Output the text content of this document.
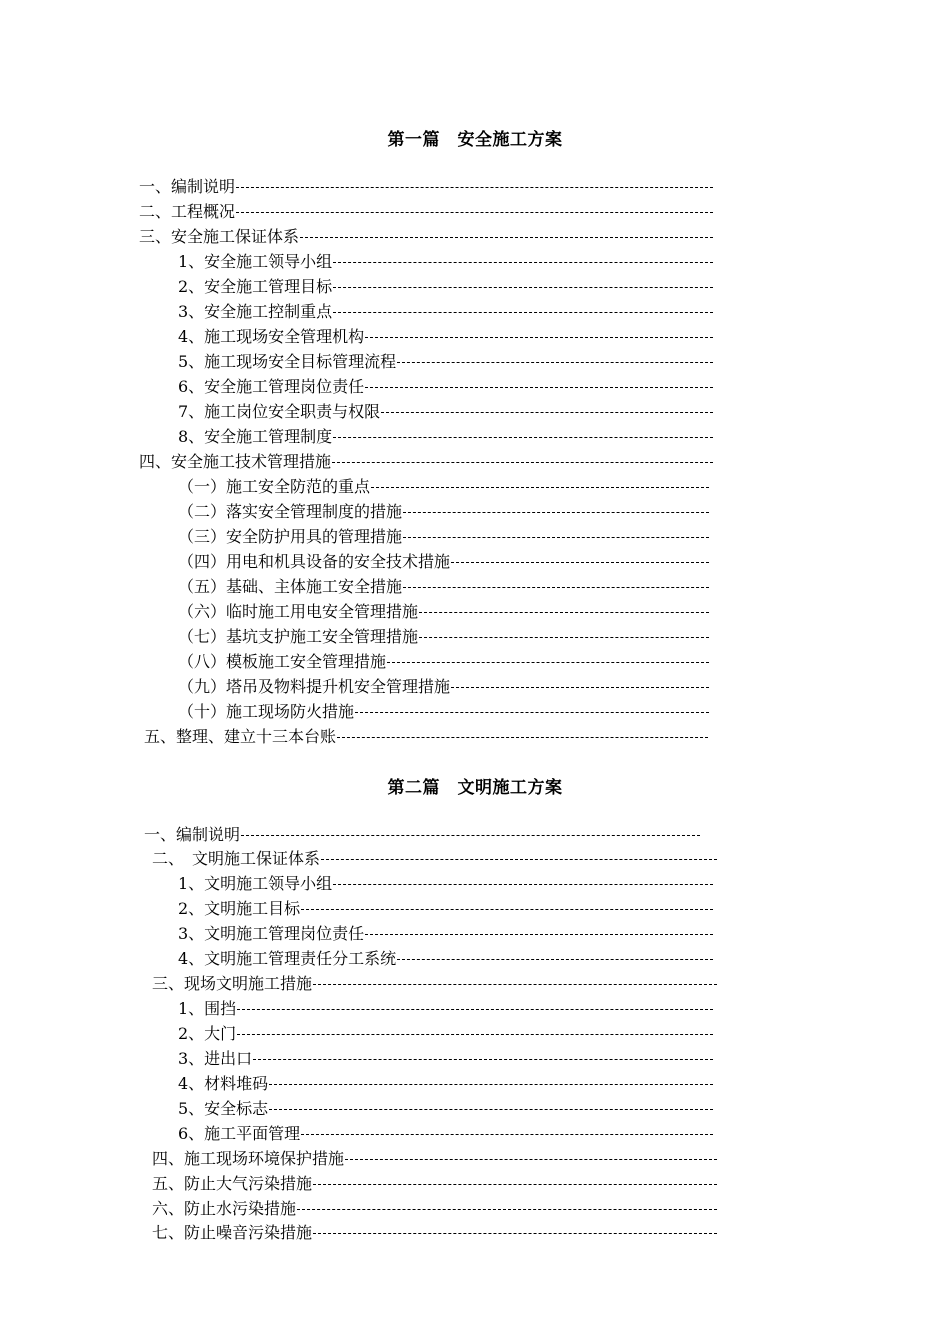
第一篇　安全施工方案
一、编制说明
二、工程概况
三、安全施工保证体系
1、安全施工领导小组
2、安全施工管理目标
3、安全施工控制重点
4、施工现场安全管理机构
5、施工现场安全目标管理流程
6、安全施工管理岗位责任
7、施工岗位安全职责与权限
8、安全施工管理制度
四、安全施工技术管理措施
（一）施工安全防范的重点
（二）落实安全管理制度的措施
（三）安全防护用具的管理措施
（四）用电和机具设备的安全技术措施
（五）基础、主体施工安全措施
（六）临时施工用电安全管理措施
（七）基坑支护施工安全管理措施
（八）模板施工安全管理措施
（九）塔吊及物料提升机安全管理措施
（十）施工现场防火措施
五、整理、建立十三本台账
第二篇　文明施工方案
一、编制说明
二、　文明施工保证体系
1、文明施工领导小组
2、文明施工目标
3、文明施工管理岗位责任
4、文明施工管理责任分工系统
三、现场文明施工措施
1、围挡
2、大门
3、进出口
4、材料堆码
5、安全标志
6、施工平面管理
四、施工现场环境保护措施
五、防止大气污染措施
六、防止水污染措施
七、防止噪音污染措施
